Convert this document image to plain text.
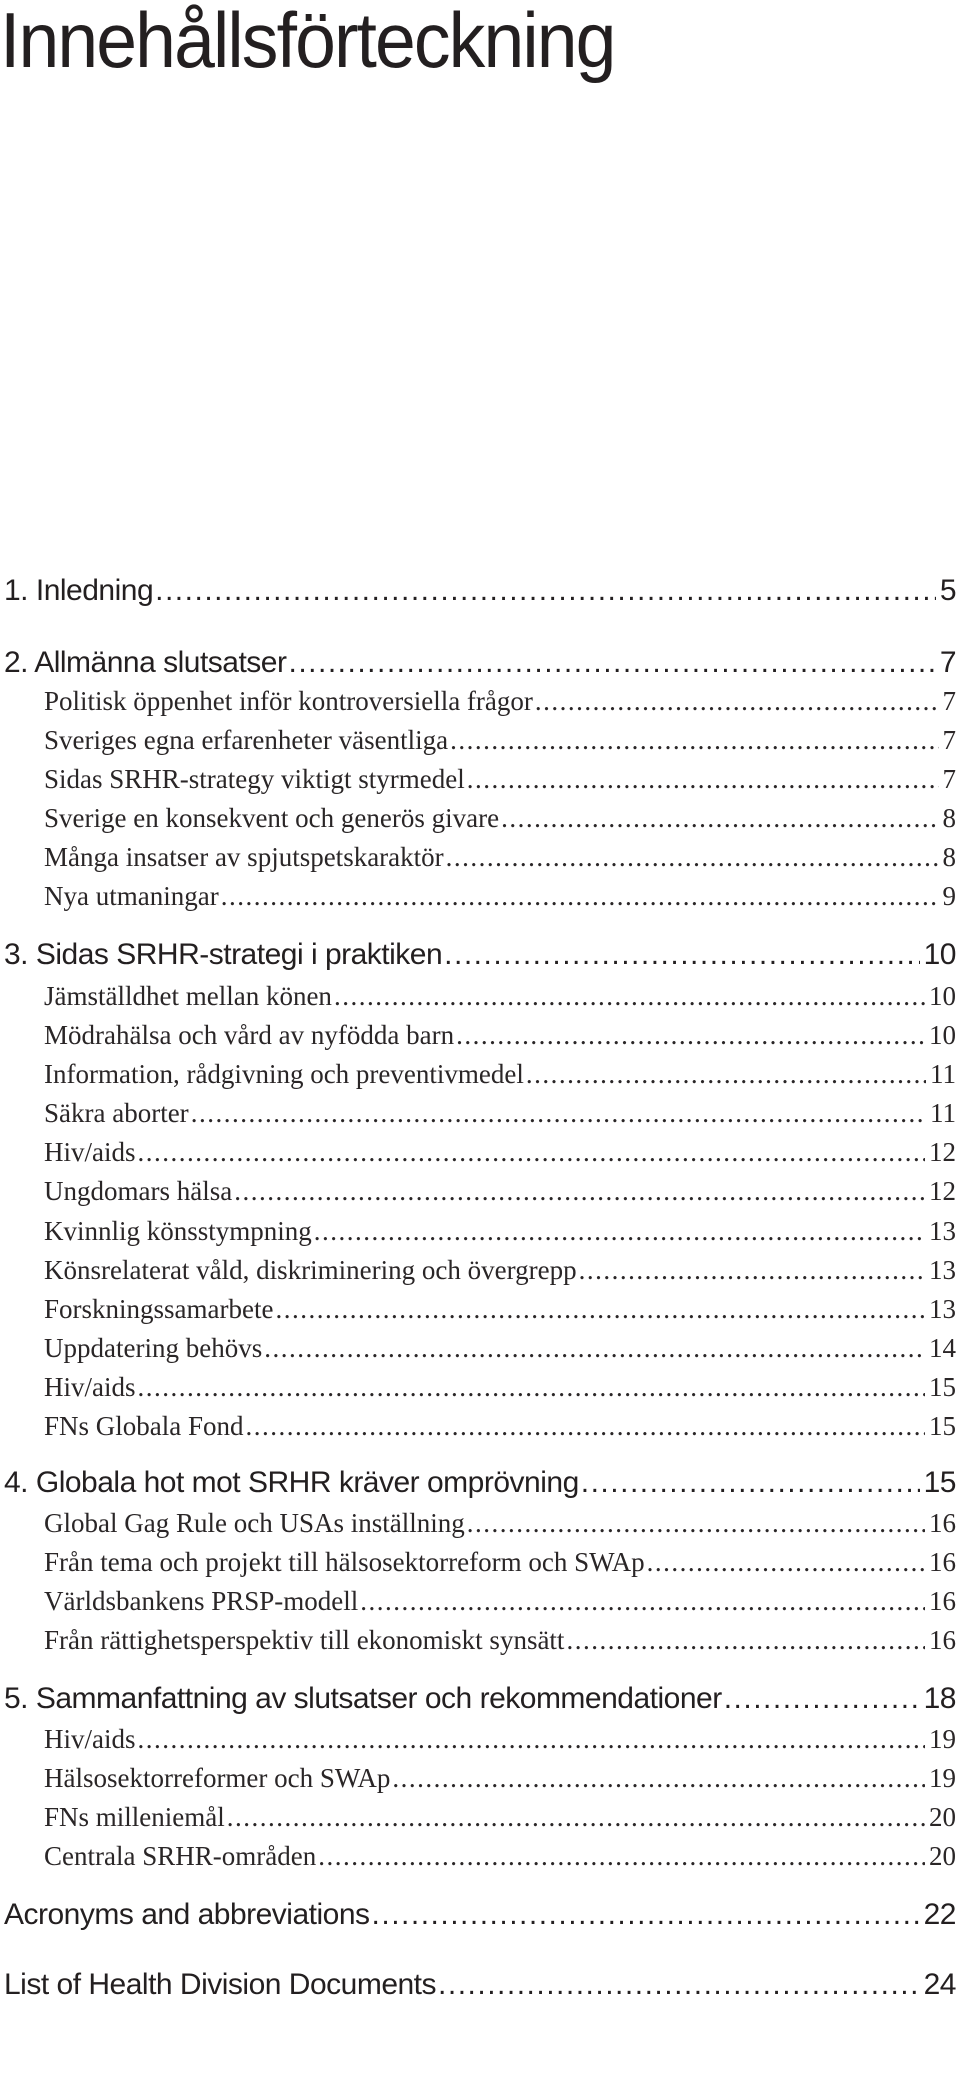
Innehållsförteckning
1. Inledning .....	5
2. Allmänna slutsatser .....	7
Politisk öppenhet inför kontroversiella frågor .....	7
Sveriges egna erfarenheter väsentliga .....	7
Sidas SRHR-strategy viktigt styrmedel .....	7
Sverige en konsekvent och generös givare .....	8
Många insatser av spjutspetskaraktör .....	8
Nya utmaningar .....	9
3. Sidas SRHR-strategi i praktiken .....	10
Jämställdhet mellan könen .....	10
Mödrahälsa och vård av nyfödda barn .....	10
Information, rådgivning och preventivmedel .....	11
Säkra aborter .....	11
Hiv/aids .....	12
Ungdomars hälsa .....	12
Kvinnlig könsstympning .....	13
Könsrelaterat våld, diskriminering och övergrepp .....	13
Forskningssamarbete .....	13
Uppdatering behövs .....	14
Hiv/aids .....	15
FNs Globala Fond .....	15
4. Globala hot mot SRHR kräver omprövning .....	15
Global Gag Rule och USAs inställning .....	16
Från tema och projekt till hälsosektorreform och SWAp .....	16
Världsbankens PRSP-modell .....	16
Från rättighetsperspektiv till ekonomiskt synsätt .....	16
5. Sammanfattning av slutsatser och rekommendationer .....	18
Hiv/aids .....	19
Hälsosektorreformer och SWAp .....	19
FNs milleniemål .....	20
Centrala SRHR-områden .....	20
Acronyms and abbreviations .....	22
List of Health Division Documents .....	24
